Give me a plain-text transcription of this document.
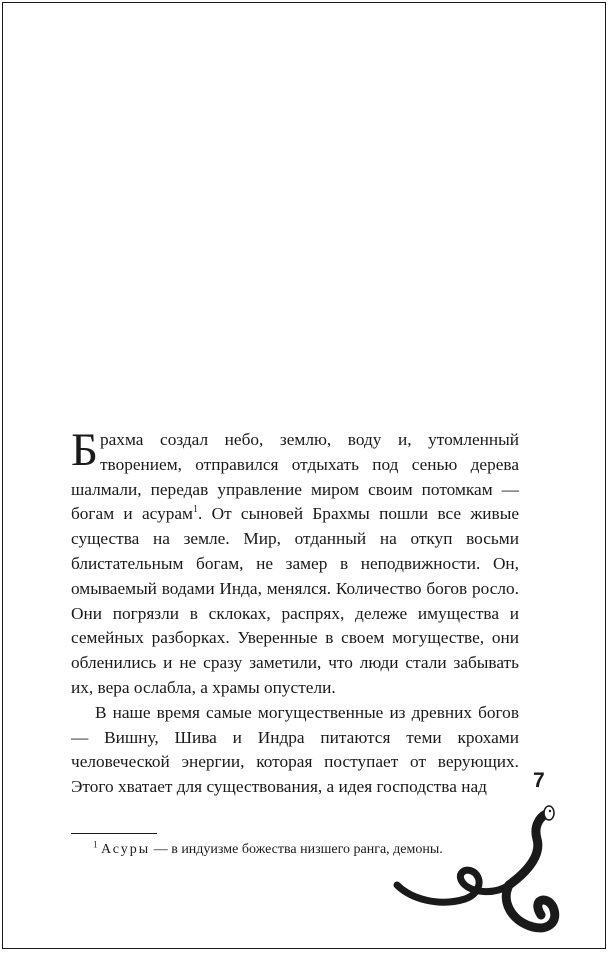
Брахма создал небо, землю, воду и, утомленный творением, отправился отдыхать под сенью дерева шалмали, передав управление миром своим потомкам — богам и асурам$^1$. От сыновей Брахмы пошли все живые существа на земле. Мир, отданный на откуп восьми блистательным богам, не замер в неподвижности. Он, омываемый водами Инда, менялся. Количество богов росло. Они погрязли в склоках, распрях, дележе имущества и семейных разборках. Уверенные в своем могуществе, они обленились и не сразу заметили, что люди стали забывать их, вера ослабла, а храмы опустели.

В наше время самые могущественные из древних богов — Вишну, Шива и Индра питаются теми крохами человеческой энергии, которая поступает от верующих. Этого хватает для существования, а идея господства над	7
$^1$ Асуры — в индуизме божества низшего ранга, демоны.
